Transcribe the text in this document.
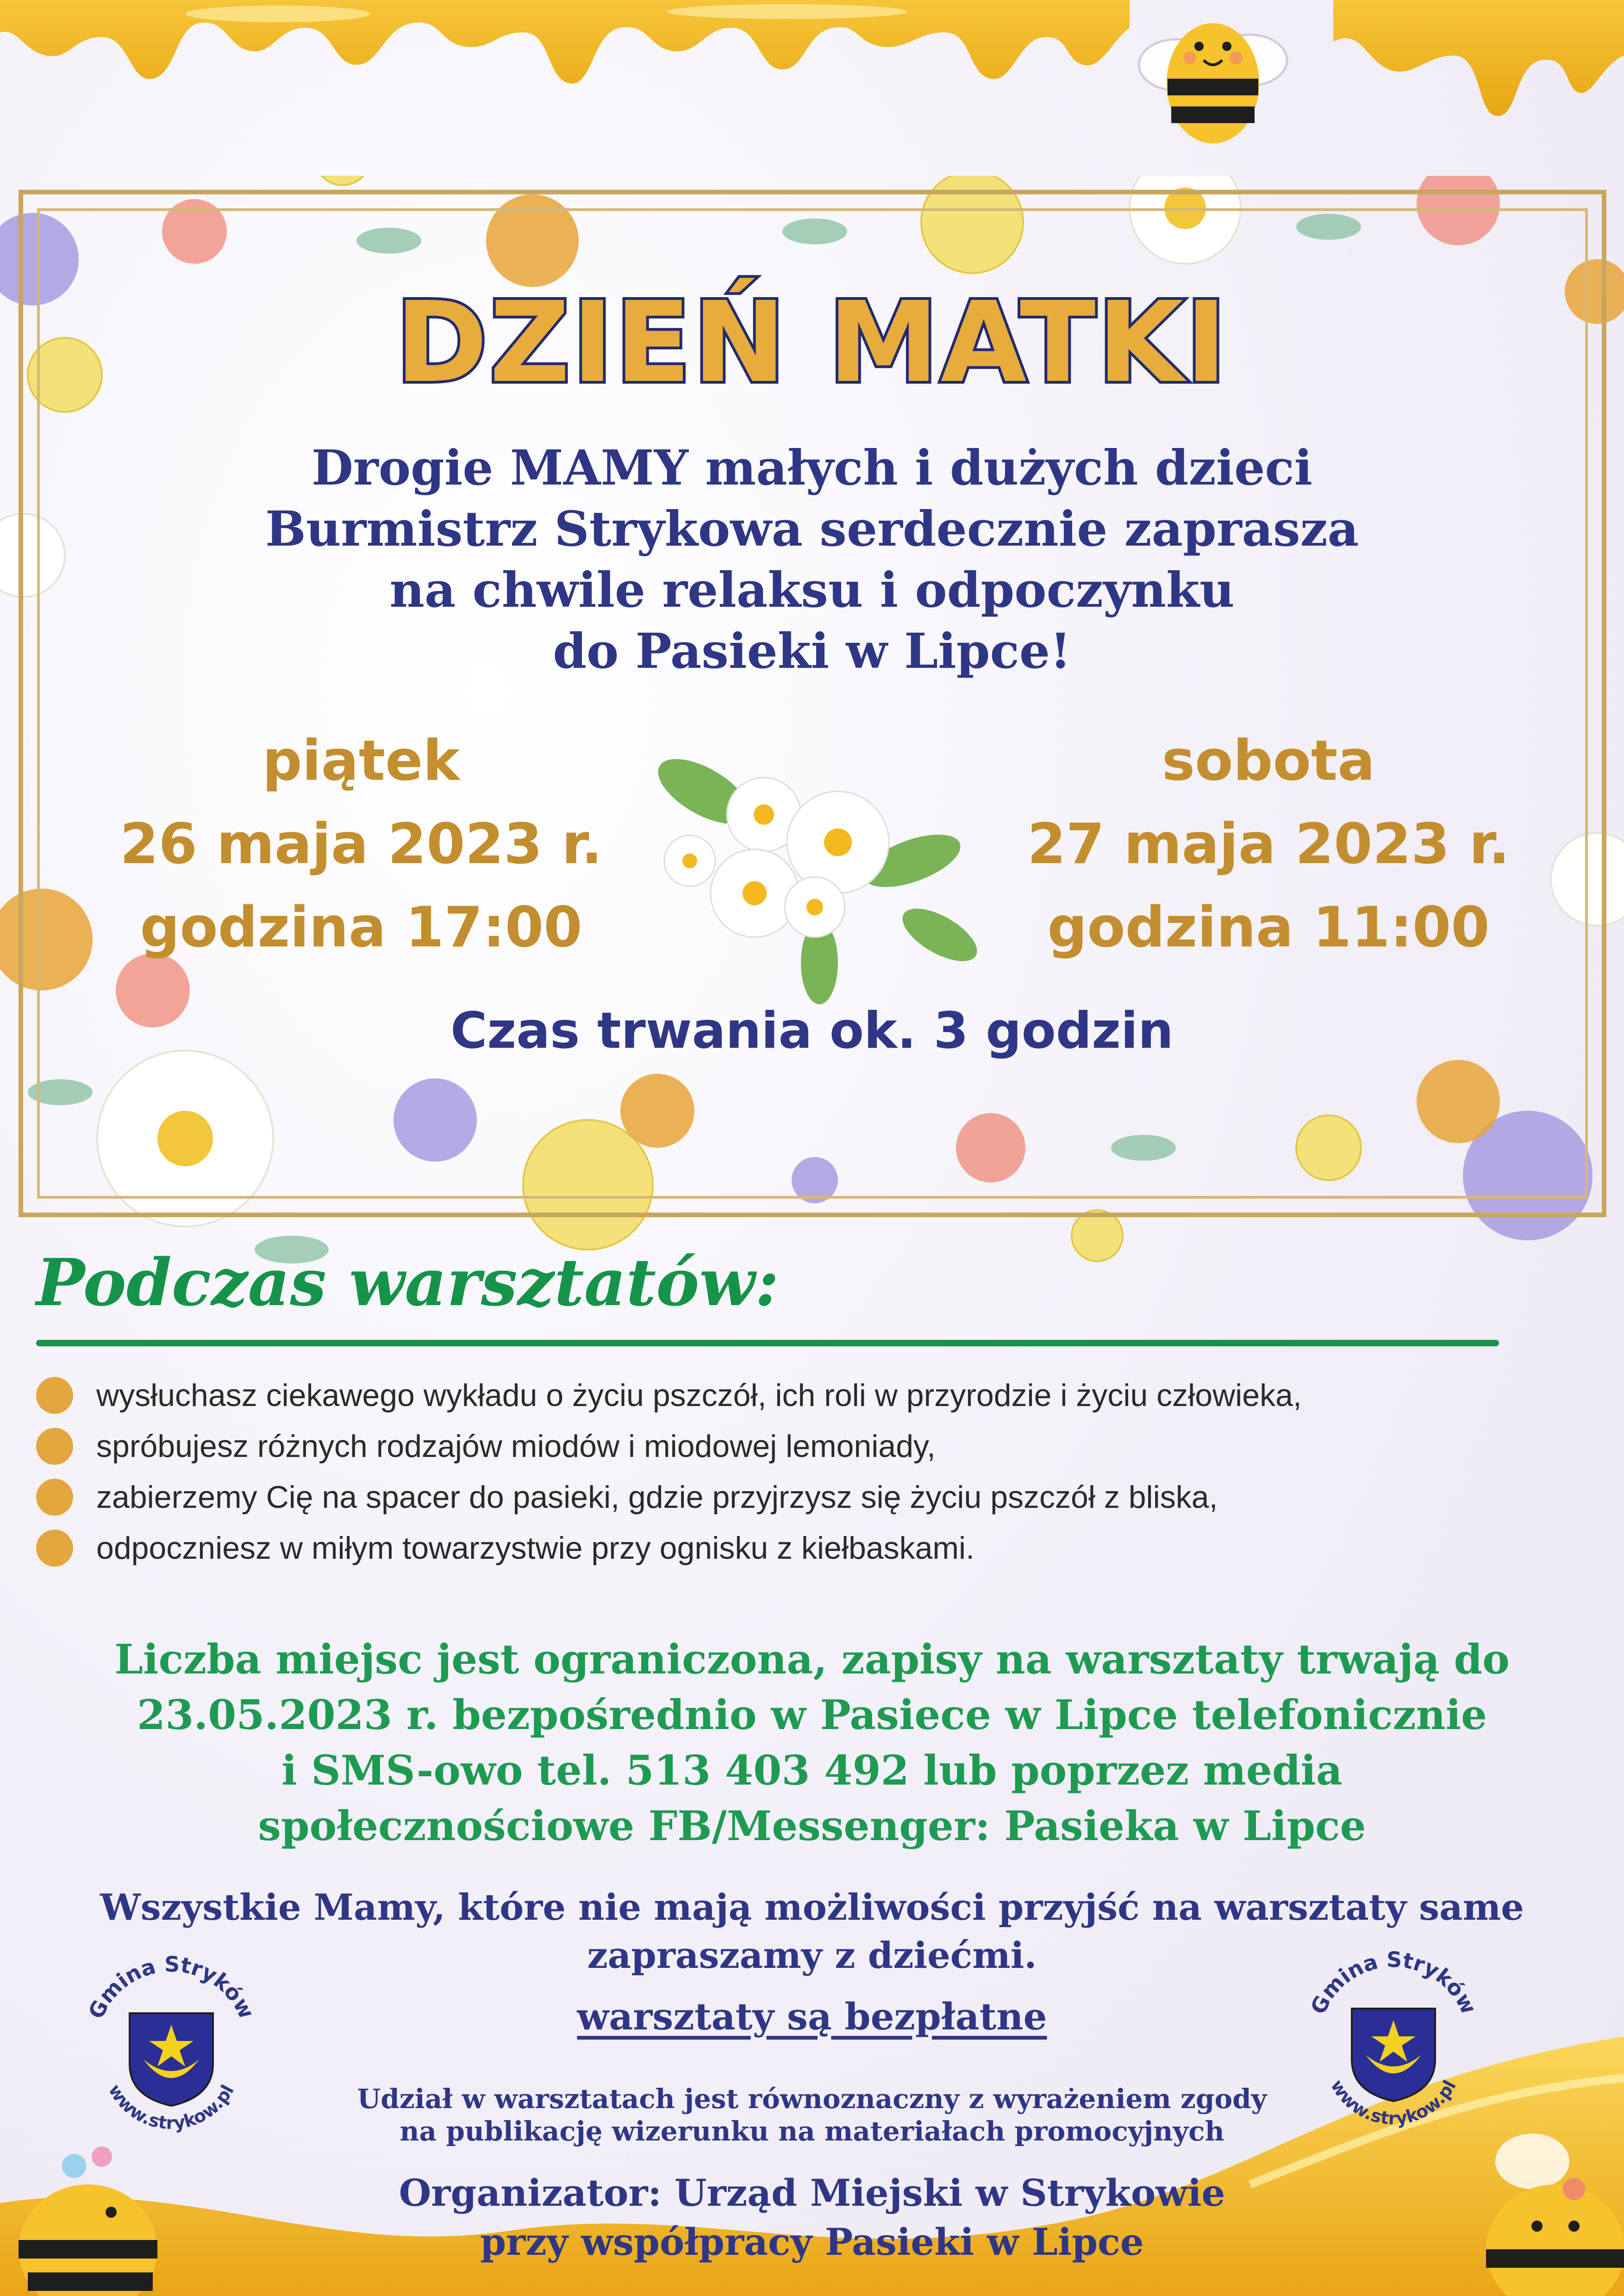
DZIEŃ MATKI
Drogie MAMY małych i dużych dzieci
Burmistrz Strykowa serdecznie zaprasza
na chwile relaksu i odpoczynku
do Pasieki w Lipce!
piątek
26 maja 2023 r.
godzina 17:00
sobota
27 maja 2023 r.
godzina 11:00
Czas trwania ok. 3 godzin
Podczas warsztatów:
wysłuchasz ciekawego wykładu o życiu pszczół, ich roli w przyrodzie i życiu człowieka,
spróbujesz różnych rodzajów miodów i miodowej lemoniady,
zabierzemy Cię na spacer do pasieki, gdzie przyjrzysz się życiu pszczół z bliska,
odpoczniesz w miłym towarzystwie przy ognisku z kiełbaskami.
Liczba miejsc jest ograniczona, zapisy na warsztaty trwają do
23.05.2023 r. bezpośrednio w Pasiece w Lipce telefonicznie
i SMS-owo tel. 513 403 492 lub poprzez media
społecznościowe FB/Messenger: Pasieka w Lipce
Wszystkie Mamy, które nie mają możliwości przyjść na warsztaty same
zapraszamy z dziećmi.
warsztaty są bezpłatne
Udział w warsztatach jest równoznaczny z wyrażeniem zgody
na publikację wizerunku na materiałach promocyjnych
Organizator: Urząd Miejski w Strykowie
przy współpracy Pasieki w Lipce
Gmina Stryków
www.strykow.pl
Gmina Stryków
www.strykow.pl
